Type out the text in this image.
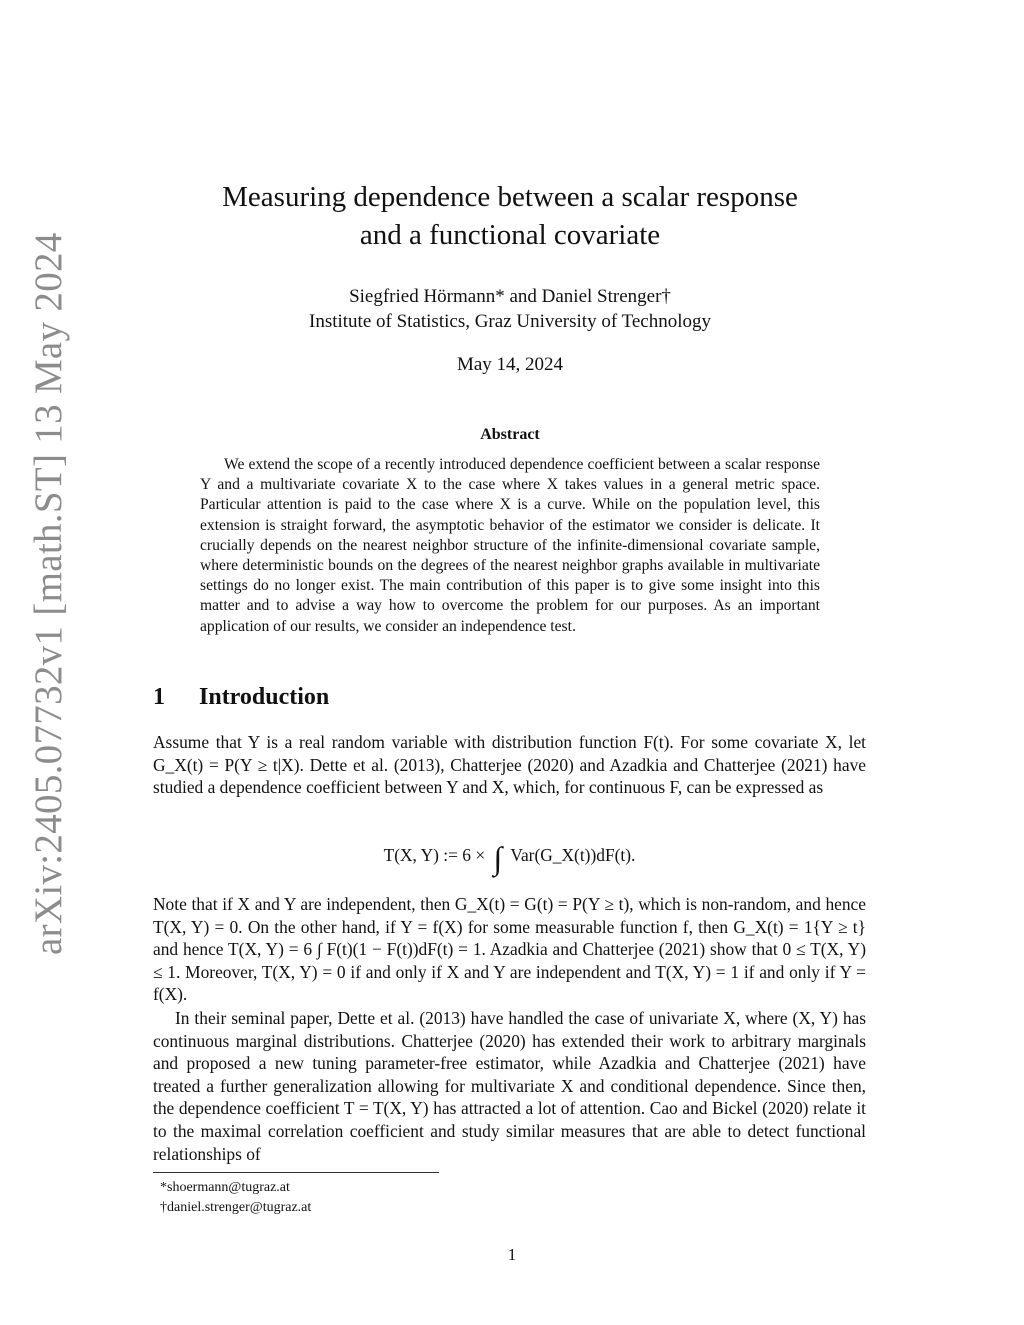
arXiv:2405.07732v1 [math.ST] 13 May 2024
Measuring dependence between a scalar response
and a functional covariate
Siegfried Hörmann* and Daniel Strenger†
Institute of Statistics, Graz University of Technology
May 14, 2024
Abstract

We extend the scope of a recently introduced dependence coefficient between a scalar response Y and a multivariate covariate X to the case where X takes values in a general metric space. Particular attention is paid to the case where X is a curve. While on the population level, this extension is straight forward, the asymptotic behavior of the estimator we consider is delicate. It crucially depends on the nearest neighbor structure of the infinite-dimensional covariate sample, where deterministic bounds on the degrees of the nearest neighbor graphs available in multivariate settings do no longer exist. The main contribution of this paper is to give some insight into this matter and to advise a way how to overcome the problem for our purposes. As an important application of our results, we consider an independence test.

1 Introduction

Assume that Y is a real random variable with distribution function F(t). For some covariate X, let G_X(t) = P(Y ≥ t|X). Dette et al. (2013), Chatterjee (2020) and Azadkia and Chatterjee (2021) have studied a dependence coefficient between Y and X, which, for continuous F, can be expressed as

T(X, Y) := 6 × ∫ Var(G_X(t))dF(t).

Note that if X and Y are independent, then G_X(t) = G(t) = P(Y ≥ t), which is non-random, and hence T(X, Y) = 0. On the other hand, if Y = f(X) for some measurable function f, then G_X(t) = 1{Y ≥ t} and hence T(X, Y) = 6 ∫ F(t)(1 − F(t))dF(t) = 1. Azadkia and Chatterjee (2021) show that 0 ≤ T(X, Y) ≤ 1. Moreover, T(X, Y) = 0 if and only if X and Y are independent and T(X, Y) = 1 if and only if Y = f(X).

In their seminal paper, Dette et al. (2013) have handled the case of univariate X, where (X, Y) has continuous marginal distributions. Chatterjee (2020) has extended their work to arbitrary marginals and proposed a new tuning parameter-free estimator, while Azadkia and Chatterjee (2021) have treated a further generalization allowing for multivariate X and conditional dependence. Since then, the dependence coefficient T = T(X, Y) has attracted a lot of attention. Cao and Bickel (2020) relate it to the maximal correlation coefficient and study similar measures that are able to detect functional relationships of

*shoermann@tugraz.at
†daniel.strenger@tugraz.at
1
